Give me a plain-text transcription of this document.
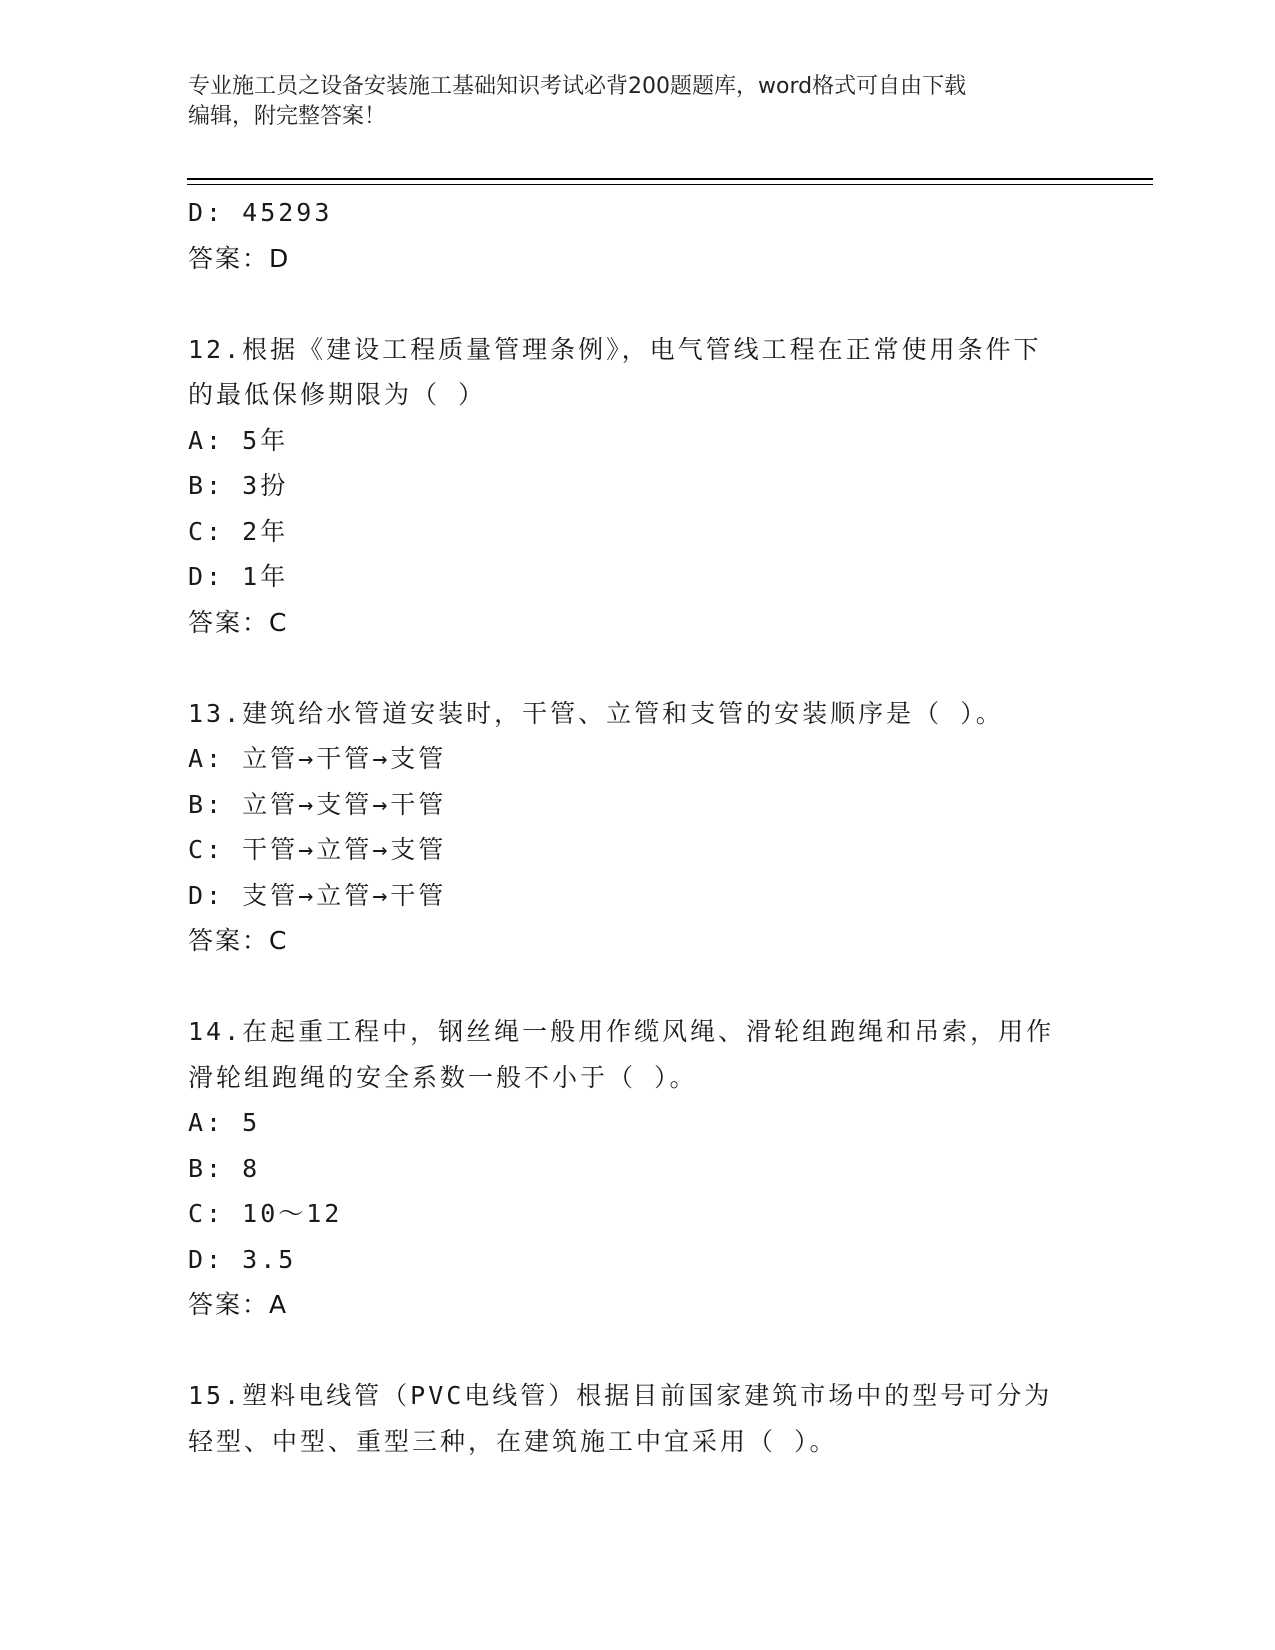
专业施工员之设备安装施工基础知识考试必背200题题库，word格式可自由下载

编辑，附完整答案！

D: 45293
答案：D
12.根据《建设工程质量管理条例》，电气管线工程在正常使用条件下
的最低保修期限为（ ）
A: 5年
B: 3扮
C: 2年
D: 1年
答案：C
13.建筑给水管道安装时，干管、立管和支管的安装顺序是（ ）。
A: 立管→干管→支管
B: 立管→支管→干管
C: 干管→立管→支管
D: 支管→立管→干管
答案：C
14.在起重工程中，钢丝绳一般用作缆风绳、滑轮组跑绳和吊索，用作
滑轮组跑绳的安全系数一般不小于（ ）。
A: 5
B: 8
C: 10～12
D: 3.5
答案：A
15.塑料电线管（PVC电线管）根据目前国家建筑市场中的型号可分为
轻型、中型、重型三种，在建筑施工中宜采用（ ）。
